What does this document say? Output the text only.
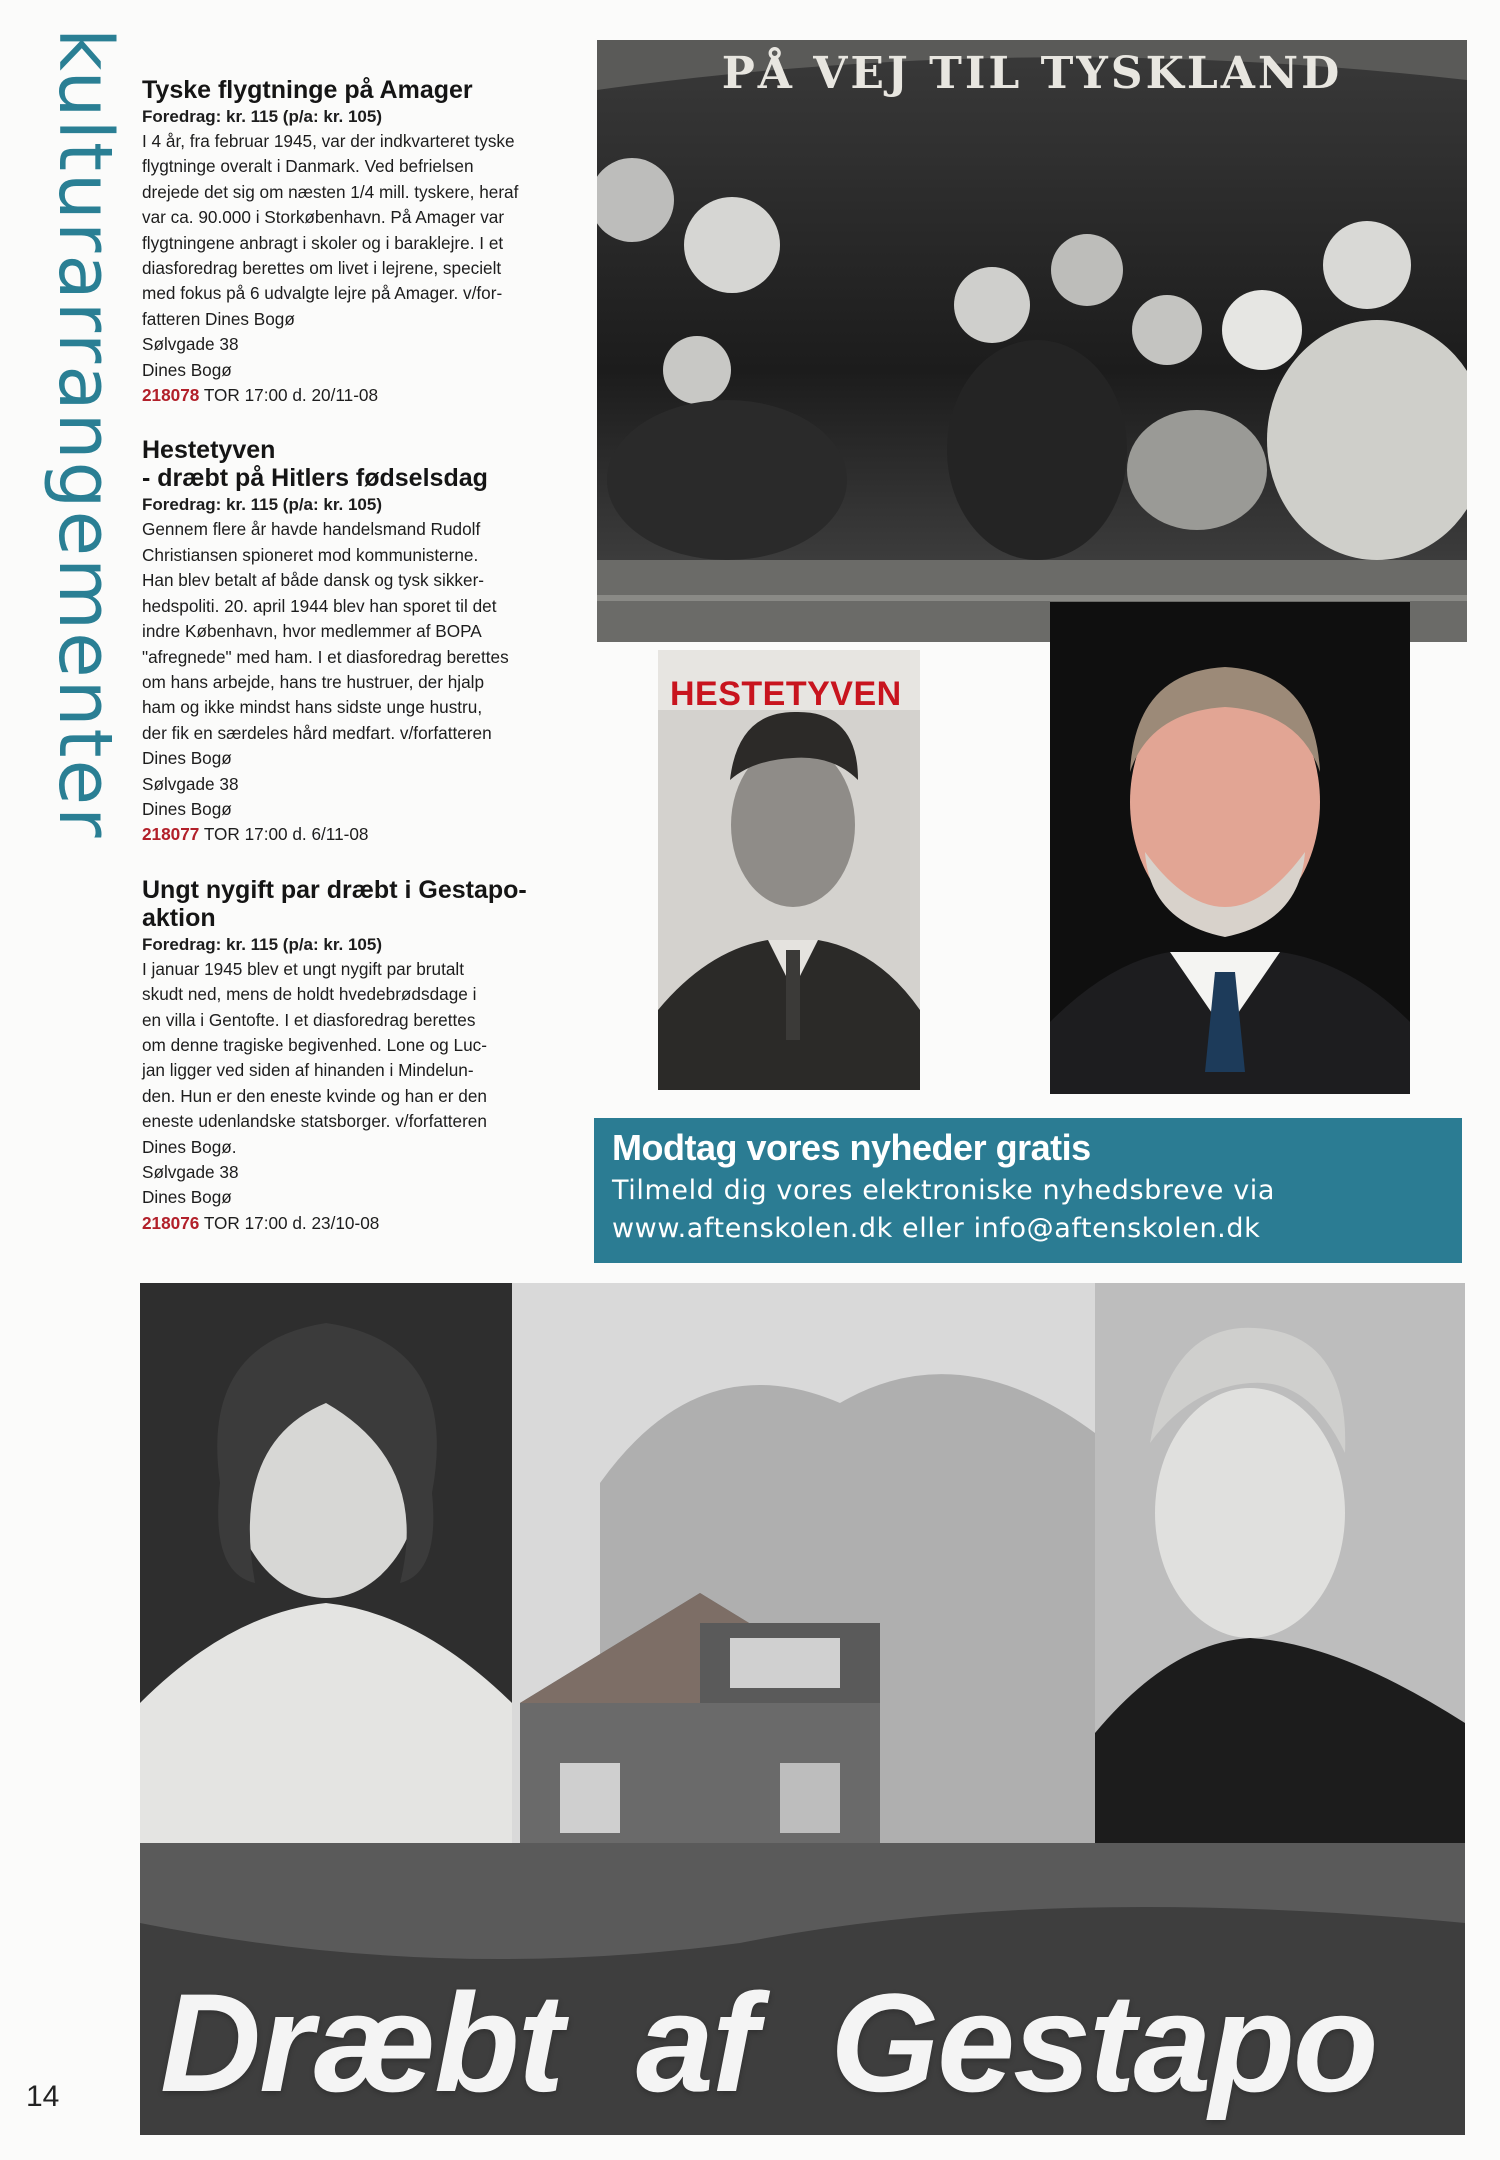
kulturarrangementer Tyske flygtninge på Amager
Foredrag: kr. 115 (p/a: kr. 105)

I 4 år, fra februar 1945, var der indkvarteret tyske
flygtninge overalt i Danmark. Ved befrielsen
drejede det sig om næsten 1/4 mill. tyskere, heraf
var ca. 90.000 i Storkøbenhavn. På Amager var
flygtningene anbragt i skoler og i baraklejre. I et
diasforedrag berettes om livet i lejrene, specielt
med fokus på 6 udvalgte lejre på Amager. v/for-
fatteren Dines Bogø

Sølvgade 38
Dines Bogø
218078 TOR 17:00 d. 20/11-08
Hestetyven
- dræbt på Hitlers fødselsdag
Foredrag: kr. 115 (p/a: kr. 105)

Gennem flere år havde handelsmand Rudolf
Christiansen spioneret mod kommunisterne.
Han blev betalt af både dansk og tysk sikker-
hedspoliti. 20. april 1944 blev han sporet til det
indre København, hvor medlemmer af BOPA
"afregnede" med ham. I et diasforedrag berettes
om hans arbejde, hans tre hustruer, der hjalp
ham og ikke mindst hans sidste unge hustru,
der fik en særdeles hård medfart. v/forfatteren
Dines Bogø

Sølvgade 38
Dines Bogø
218077 TOR 17:00 d. 6/11-08
Ungt nygift par dræbt i Gestapo-aktion
Foredrag: kr. 115 (p/a: kr. 105)

I januar 1945 blev et ungt nygift par brutalt
skudt ned, mens de holdt hvedebrødsdage i
en villa i Gentofte. I et diasforedrag berettes
om denne tragiske begivenhed. Lone og Luc-
jan ligger ved siden af hinanden i Mindelun-
den. Hun er den eneste kvinde og han er den
eneste udenlandske statsborger. v/forfatteren
Dines Bogø.

Sølvgade 38
Dines Bogø
218076 TOR 17:00 d. 23/10-08
PÅ VEJ TIL TYSKLAND
HESTETYVEN
Modtag vores nyheder gratis
Tilmeld dig vores elektroniske nyhedsbreve via
www.aftenskolen.dk eller info@aftenskolen.dk
Dræbt  af  Gestapo
14
